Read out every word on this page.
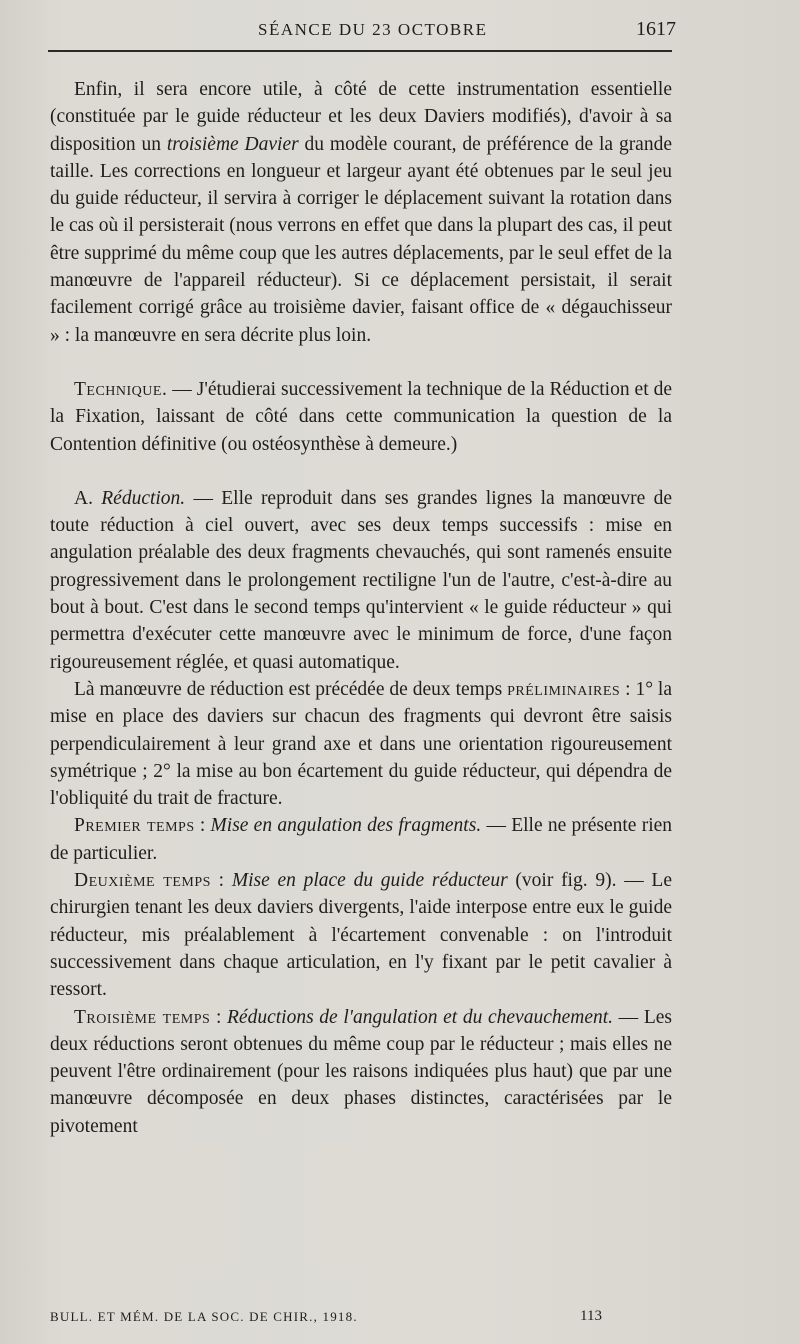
SÉANCE DU 23 OCTOBRE	1617

Enfin, il sera encore utile, à côté de cette instrumentation essentielle (constituée par le guide réducteur et les deux Daviers modifiés), d'avoir à sa disposition un troisième Davier du modèle courant, de préférence de la grande taille. Les corrections en longueur et largeur ayant été obtenues par le seul jeu du guide réducteur, il servira à corriger le déplacement suivant la rotation dans le cas où il persisterait (nous verrons en effet que dans la plupart des cas, il peut être supprimé du même coup que les autres déplacements, par le seul effet de la manœuvre de l'appareil réducteur). Si ce déplacement persistait, il serait facilement corrigé grâce au troisième davier, faisant office de « dégauchisseur » : la manœuvre en sera décrite plus loin.

Technique. — J'étudierai successivement la technique de la Réduction et de la Fixation, laissant de côté dans cette communication la question de la Contention définitive (ou ostéosynthèse à demeure.)

A. Réduction. — Elle reproduit dans ses grandes lignes la manœuvre de toute réduction à ciel ouvert, avec ses deux temps successifs : mise en angulation préalable des deux fragments chevauchés, qui sont ramenés ensuite progressivement dans le prolongement rectiligne l'un de l'autre, c'est-à-dire au bout à bout. C'est dans le second temps qu'intervient « le guide réducteur » qui permettra d'exécuter cette manœuvre avec le minimum de force, d'une façon rigoureusement réglée, et quasi automatique.

Là manœuvre de réduction est précédée de deux temps préliminaires : 1° la mise en place des daviers sur chacun des fragments qui devront être saisis perpendiculairement à leur grand axe et dans une orientation rigoureusement symétrique ; 2° la mise au bon écartement du guide réducteur, qui dépendra de l'obliquité du trait de fracture.

Premier temps : Mise en angulation des fragments. — Elle ne présente rien de particulier.

Deuxième temps : Mise en place du guide réducteur (voir fig. 9). — Le chirurgien tenant les deux daviers divergents, l'aide interpose entre eux le guide réducteur, mis préalablement à l'écartement convenable : on l'introduit successivement dans chaque articulation, en l'y fixant par le petit cavalier à ressort.

Troisième temps : Réductions de l'angulation et du chevauchement. — Les deux réductions seront obtenues du même coup par le réducteur ; mais elles ne peuvent l'être ordinairement (pour les raisons indiquées plus haut) que par une manœuvre décomposée en deux phases distinctes, caractérisées par le pivotement

BULL. ET MÉM. DE LA SOC. DE CHIR., 1918.	113
